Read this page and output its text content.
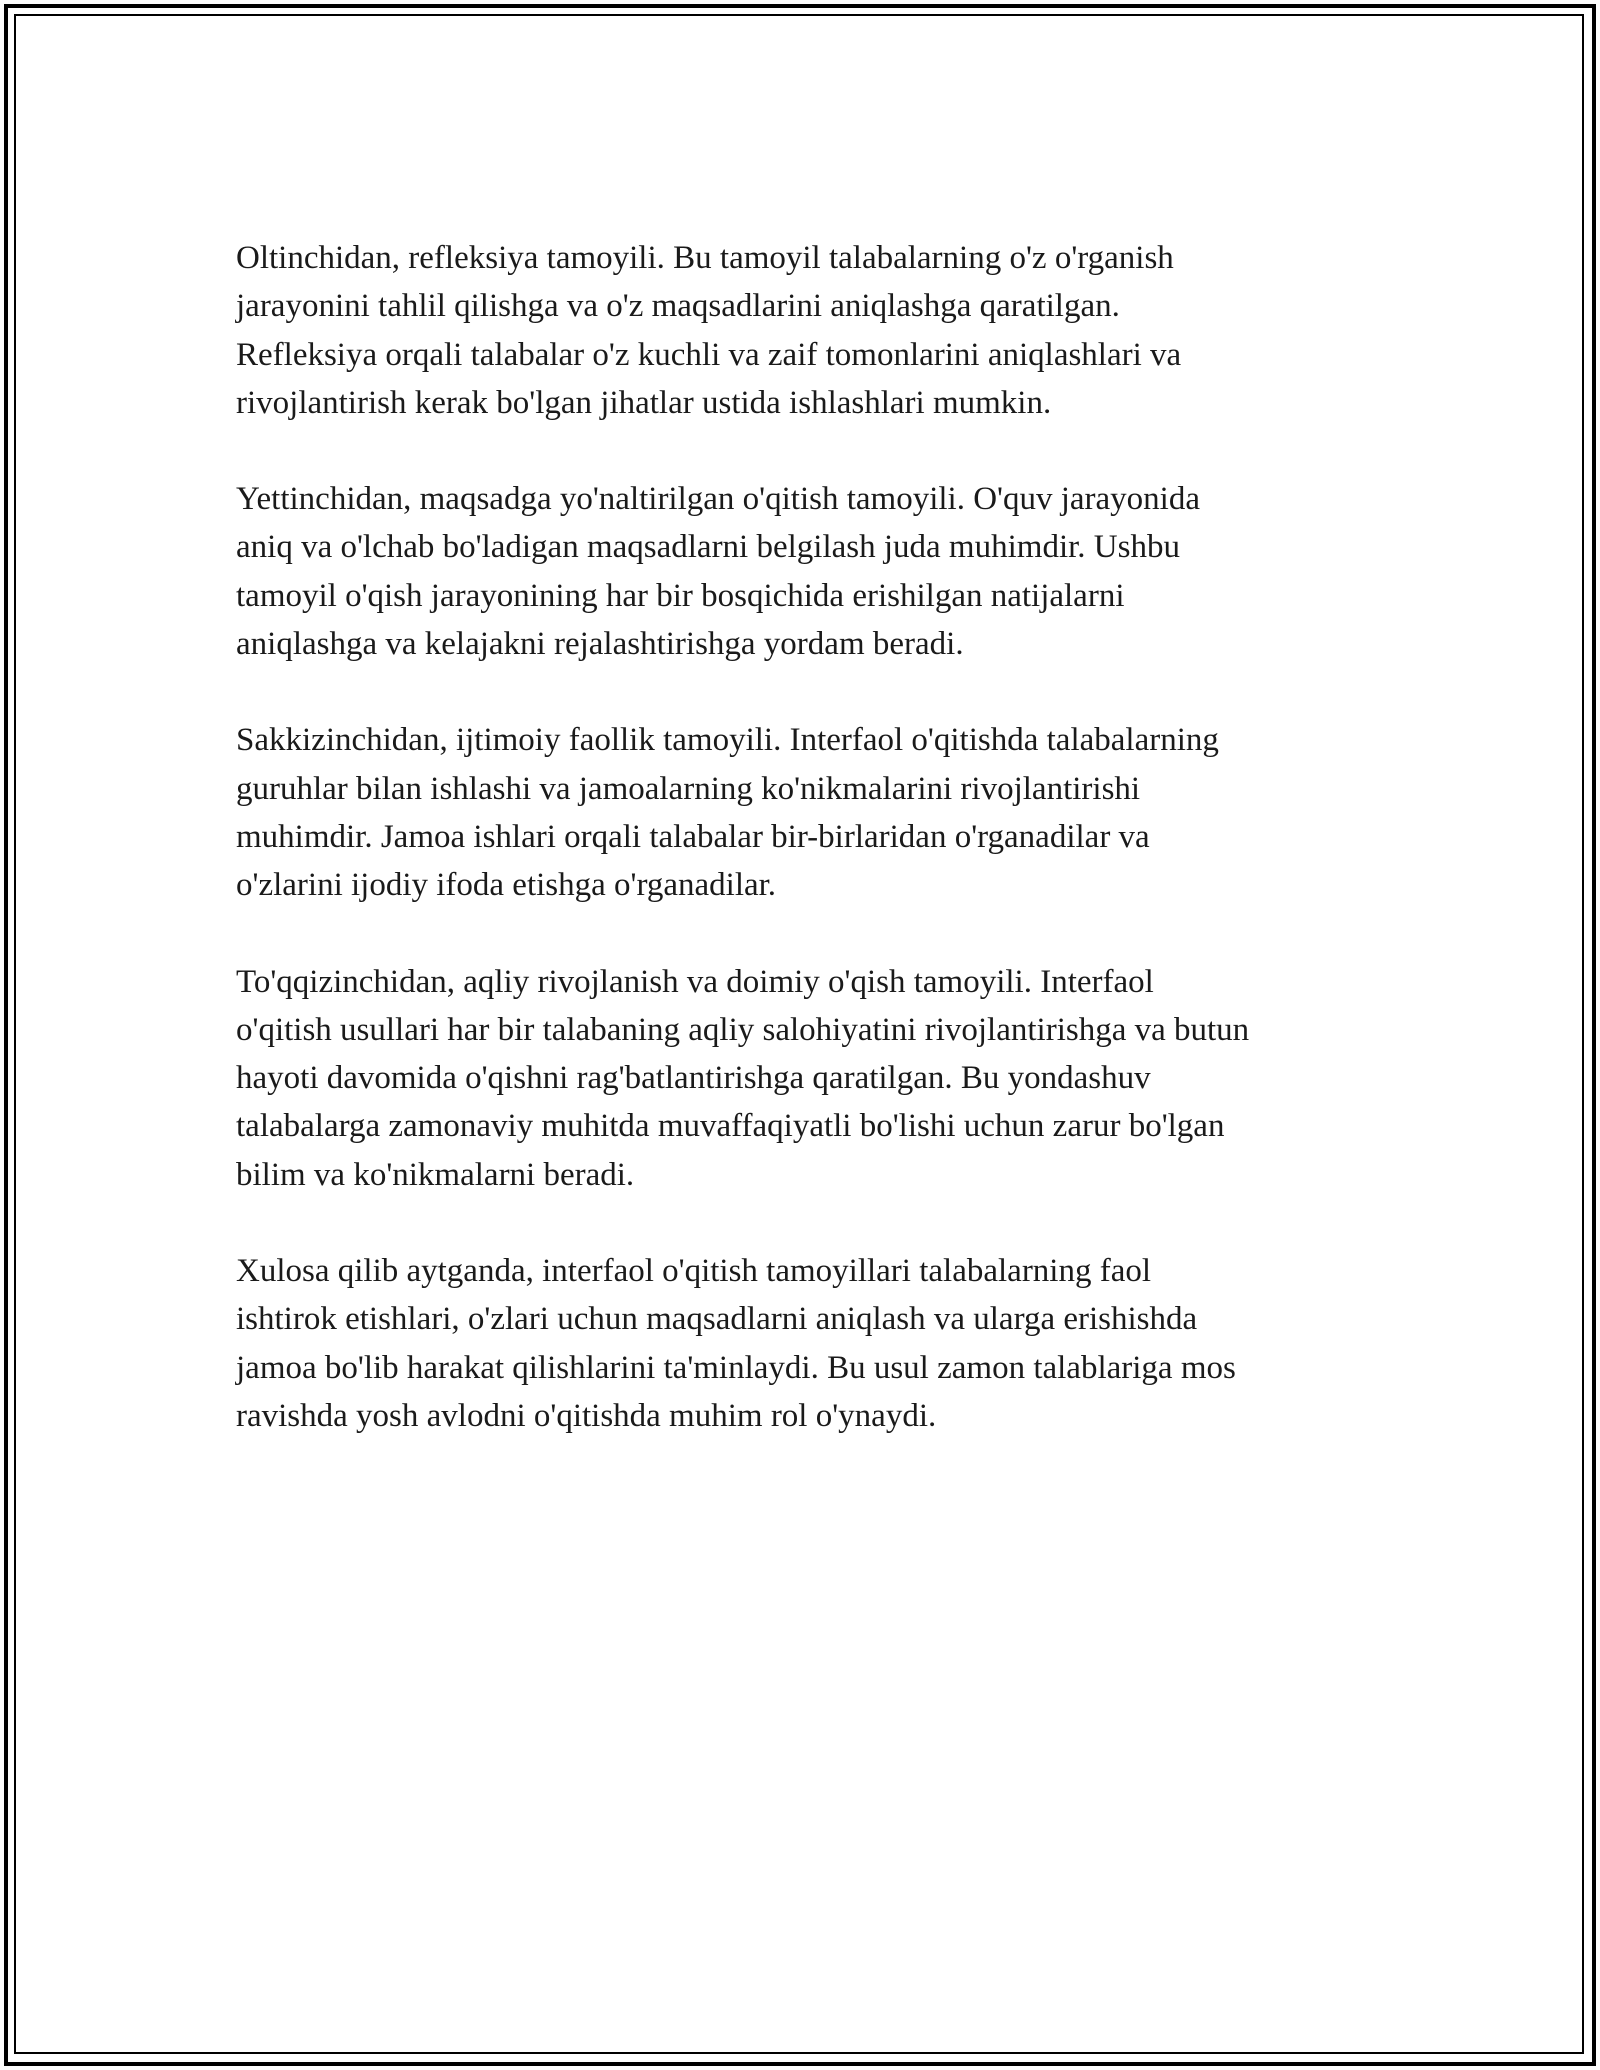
Oltinchidan, refleksiya tamoyili. Bu tamoyil talabalarning o'z o'rganish
jarayonini tahlil qilishga va o'z maqsadlarini aniqlashga qaratilgan.
Refleksiya orqali talabalar o'z kuchli va zaif tomonlarini aniqlashlari va
rivojlantirish kerak bo'lgan jihatlar ustida ishlashlari mumkin.

Yettinchidan, maqsadga yo'naltirilgan o'qitish tamoyili. O'quv jarayonida
aniq va o'lchab bo'ladigan maqsadlarni belgilash juda muhimdir. Ushbu
tamoyil o'qish jarayonining har bir bosqichida erishilgan natijalarni
aniqlashga va kelajakni rejalashtirishga yordam beradi.

Sakkizinchidan, ijtimoiy faollik tamoyili. Interfaol o'qitishda talabalarning
guruhlar bilan ishlashi va jamoalarning ko'nikmalarini rivojlantirishi
muhimdir. Jamoa ishlari orqali talabalar bir-birlaridan o'rganadilar va
o'zlarini ijodiy ifoda etishga o'rganadilar.

To'qqizinchidan, aqliy rivojlanish va doimiy o'qish tamoyili. Interfaol
o'qitish usullari har bir talabaning aqliy salohiyatini rivojlantirishga va butun
hayoti davomida o'qishni rag'batlantirishga qaratilgan. Bu yondashuv
talabalarga zamonaviy muhitda muvaffaqiyatli bo'lishi uchun zarur bo'lgan
bilim va ko'nikmalarni beradi.

Xulosa qilib aytganda, interfaol o'qitish tamoyillari talabalarning faol
ishtirok etishlari, o'zlari uchun maqsadlarni aniqlash va ularga erishishda
jamoa bo'lib harakat qilishlarini ta'minlaydi. Bu usul zamon talablariga mos
ravishda yosh avlodni o'qitishda muhim rol o'ynaydi.
